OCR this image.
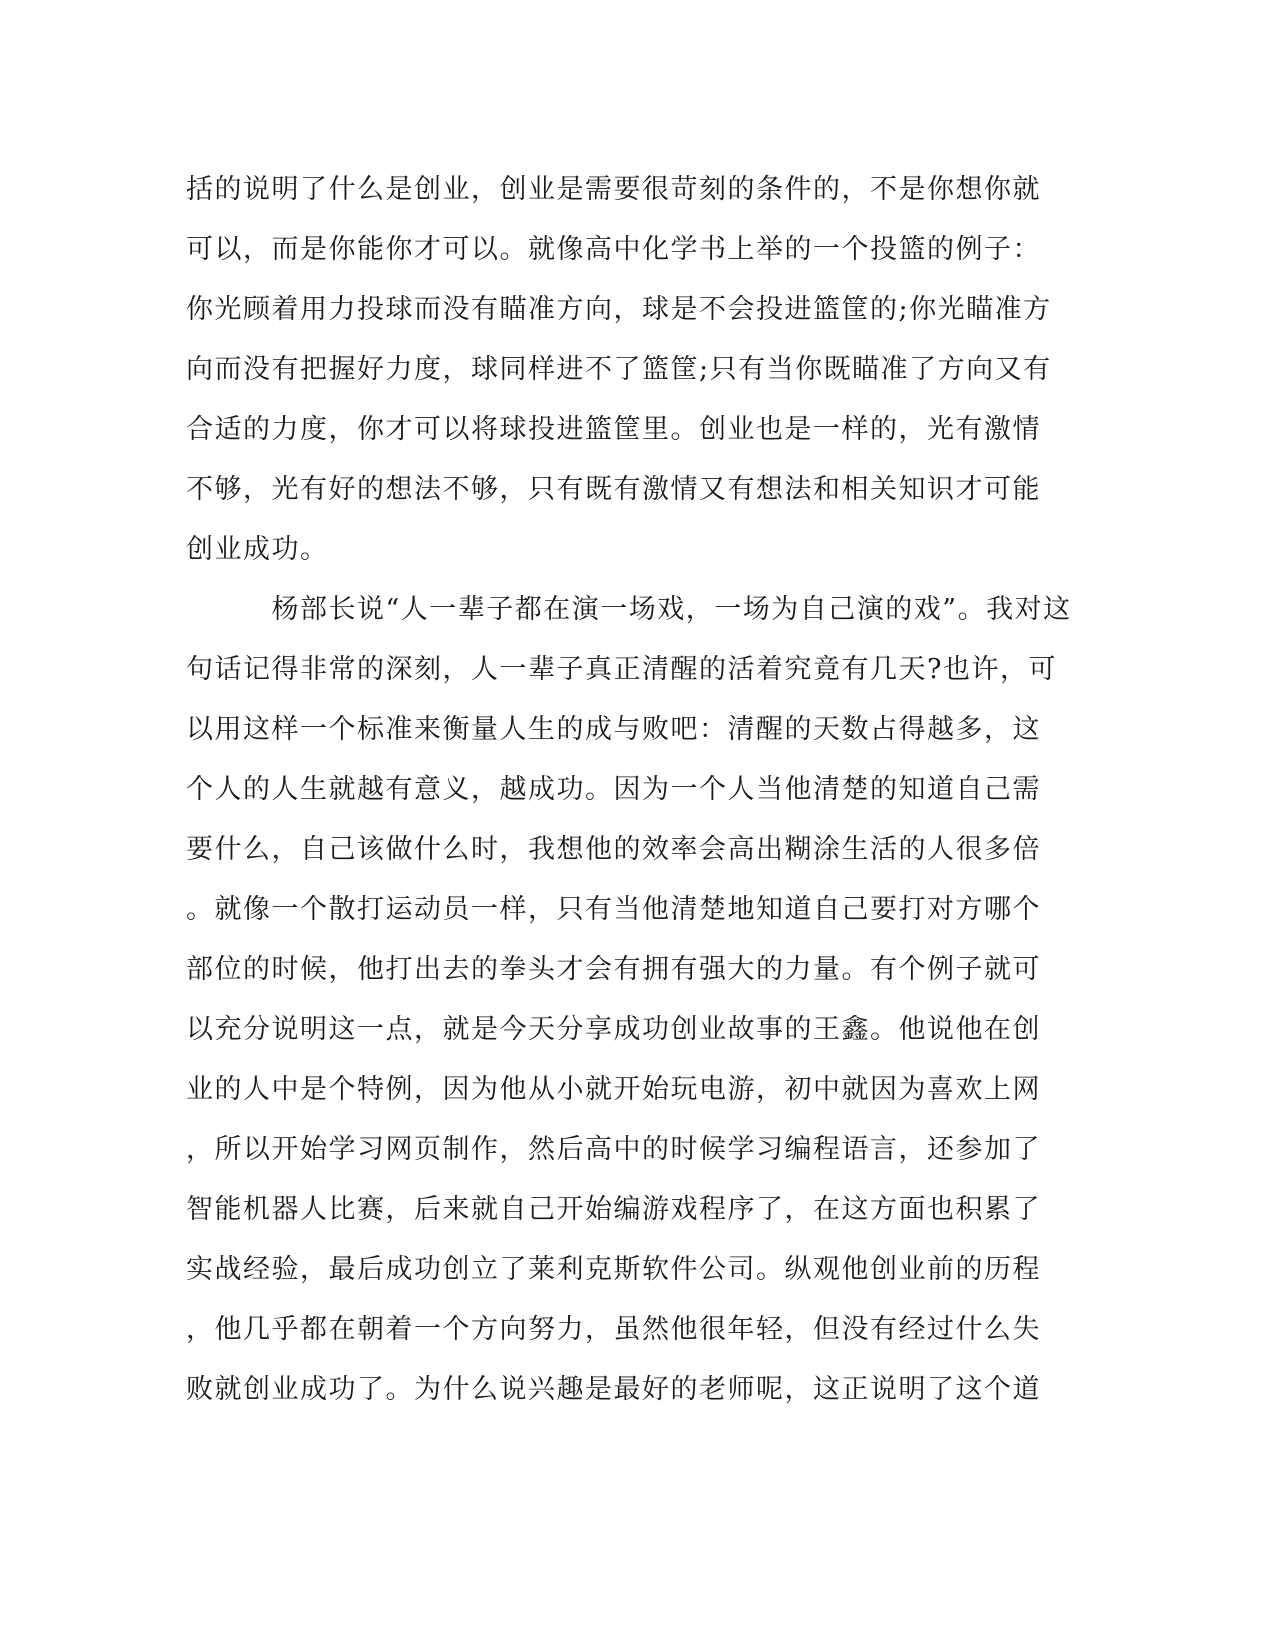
括的说明了什么是创业，创业是需要很苛刻的条件的，不是你想你就
可以，而是你能你才可以。就像高中化学书上举的一个投篮的例子：
你光顾着用力投球而没有瞄准方向，球是不会投进篮筐的;你光瞄准方
向而没有把握好力度，球同样进不了篮筐;只有当你既瞄准了方向又有
合适的力度，你才可以将球投进篮筐里。创业也是一样的，光有激情
不够，光有好的想法不够，只有既有激情又有想法和相关知识才可能
创业成功。
　　　杨部长说“人一辈子都在演一场戏，一场为自己演的戏”。我对这
句话记得非常的深刻，人一辈子真正清醒的活着究竟有几天?也许，可
以用这样一个标准来衡量人生的成与败吧：清醒的天数占得越多，这
个人的人生就越有意义，越成功。因为一个人当他清楚的知道自己需
要什么，自己该做什么时，我想他的效率会高出糊涂生活的人很多倍
。就像一个散打运动员一样，只有当他清楚地知道自己要打对方哪个
部位的时候，他打出去的拳头才会有拥有强大的力量。有个例子就可
以充分说明这一点，就是今天分享成功创业故事的王鑫。他说他在创
业的人中是个特例，因为他从小就开始玩电游，初中就因为喜欢上网
，所以开始学习网页制作，然后高中的时候学习编程语言，还参加了
智能机器人比赛，后来就自己开始编游戏程序了，在这方面也积累了
实战经验，最后成功创立了莱利克斯软件公司。纵观他创业前的历程
，他几乎都在朝着一个方向努力，虽然他很年轻，但没有经过什么失
败就创业成功了。为什么说兴趣是最好的老师呢，这正说明了这个道
